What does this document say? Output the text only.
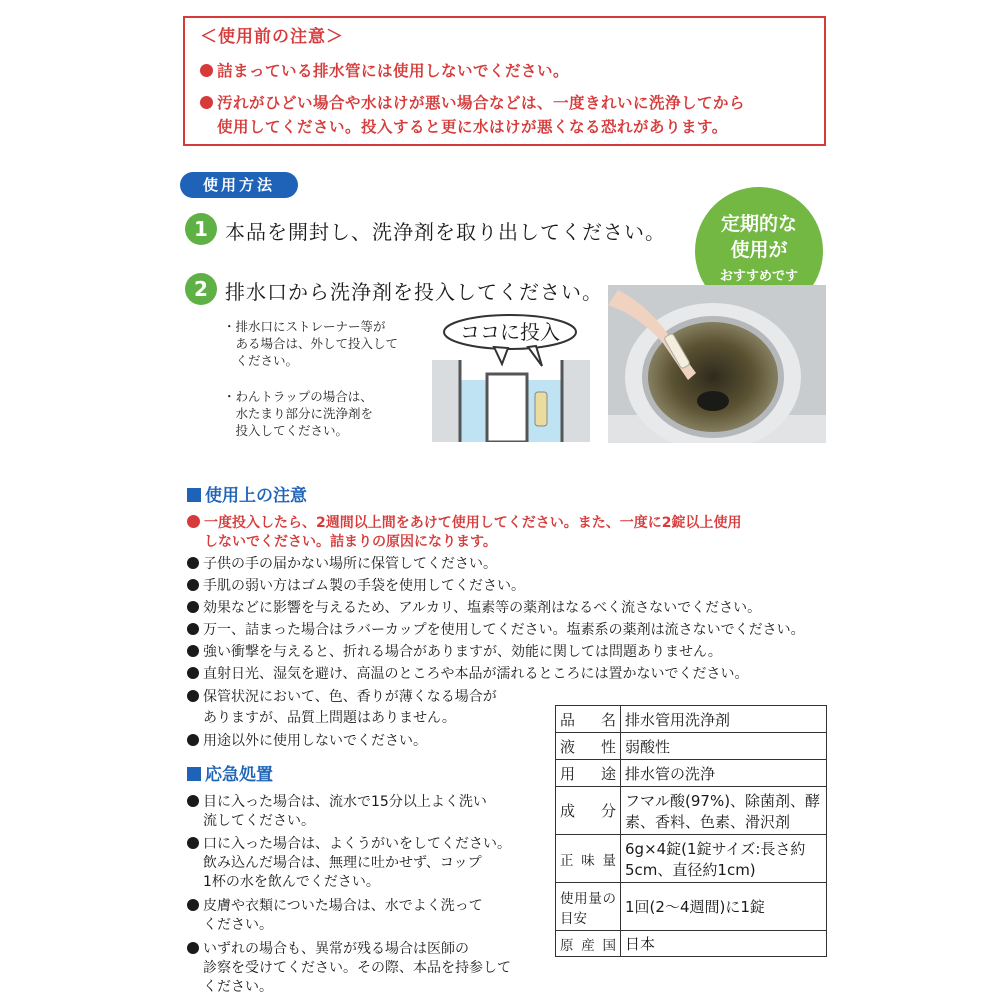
＜使用前の注意＞
詰まっている排水管には使用しないでください。
汚れがひどい場合や水はけが悪い場合などは、一度きれいに洗浄してから
使用してください。投入すると更に水はけが悪くなる恐れがあります。
使用方法
1 本品を開封し、洗浄剤を取り出してください。
2 排水口から洗浄剤を投入してください。
定期的な
使用が
おすすめです
・排水口にストレーナー等が
　ある場合は、外して投入して
　ください。
・わんトラップの場合は、
　水たまり部分に洗浄剤を
　投入してください。
ココに投入
使用上の注意
一度投入したら、2週間以上間をあけて使用してください。また、一度に2錠以上使用
しないでください。詰まりの原因になります。
子供の手の届かない場所に保管してください。
手肌の弱い方はゴム製の手袋を使用してください。
効果などに影響を与えるため、アルカリ、塩素等の薬剤はなるべく流さないでください。
万一、詰まった場合はラバーカップを使用してください。塩素系の薬剤は流さないでください。
強い衝撃を与えると、折れる場合がありますが、効能に関しては問題ありません。
直射日光、湿気を避け、高温のところや本品が濡れるところには置かないでください。
保管状況において、色、香りが薄くなる場合が
ありますが、品質上問題はありません。
用途以外に使用しないでください。
応急処置
目に入った場合は、流水で15分以上よく洗い
流してください。
口に入った場合は、よくうがいをしてください。
飲み込んだ場合は、無理に吐かせず、コップ
1杯の水を飲んでください。
皮膚や衣類についた場合は、水でよく洗って
ください。
いずれの場合も、異常が残る場合は医師の
診察を受けてください。その際、本品を持参して
ください。
品名	排水管用洗浄剤
液性	弱酸性
用途	排水管の洗浄
成分	フマル酸(97%)、除菌剤、酵素、香料、色素、滑沢剤
正味量	6g×4錠(1錠サイズ:長さ約5cm、直径約1cm)
使用量の目安	1回(2〜4週間)に1錠
原産国	日本
